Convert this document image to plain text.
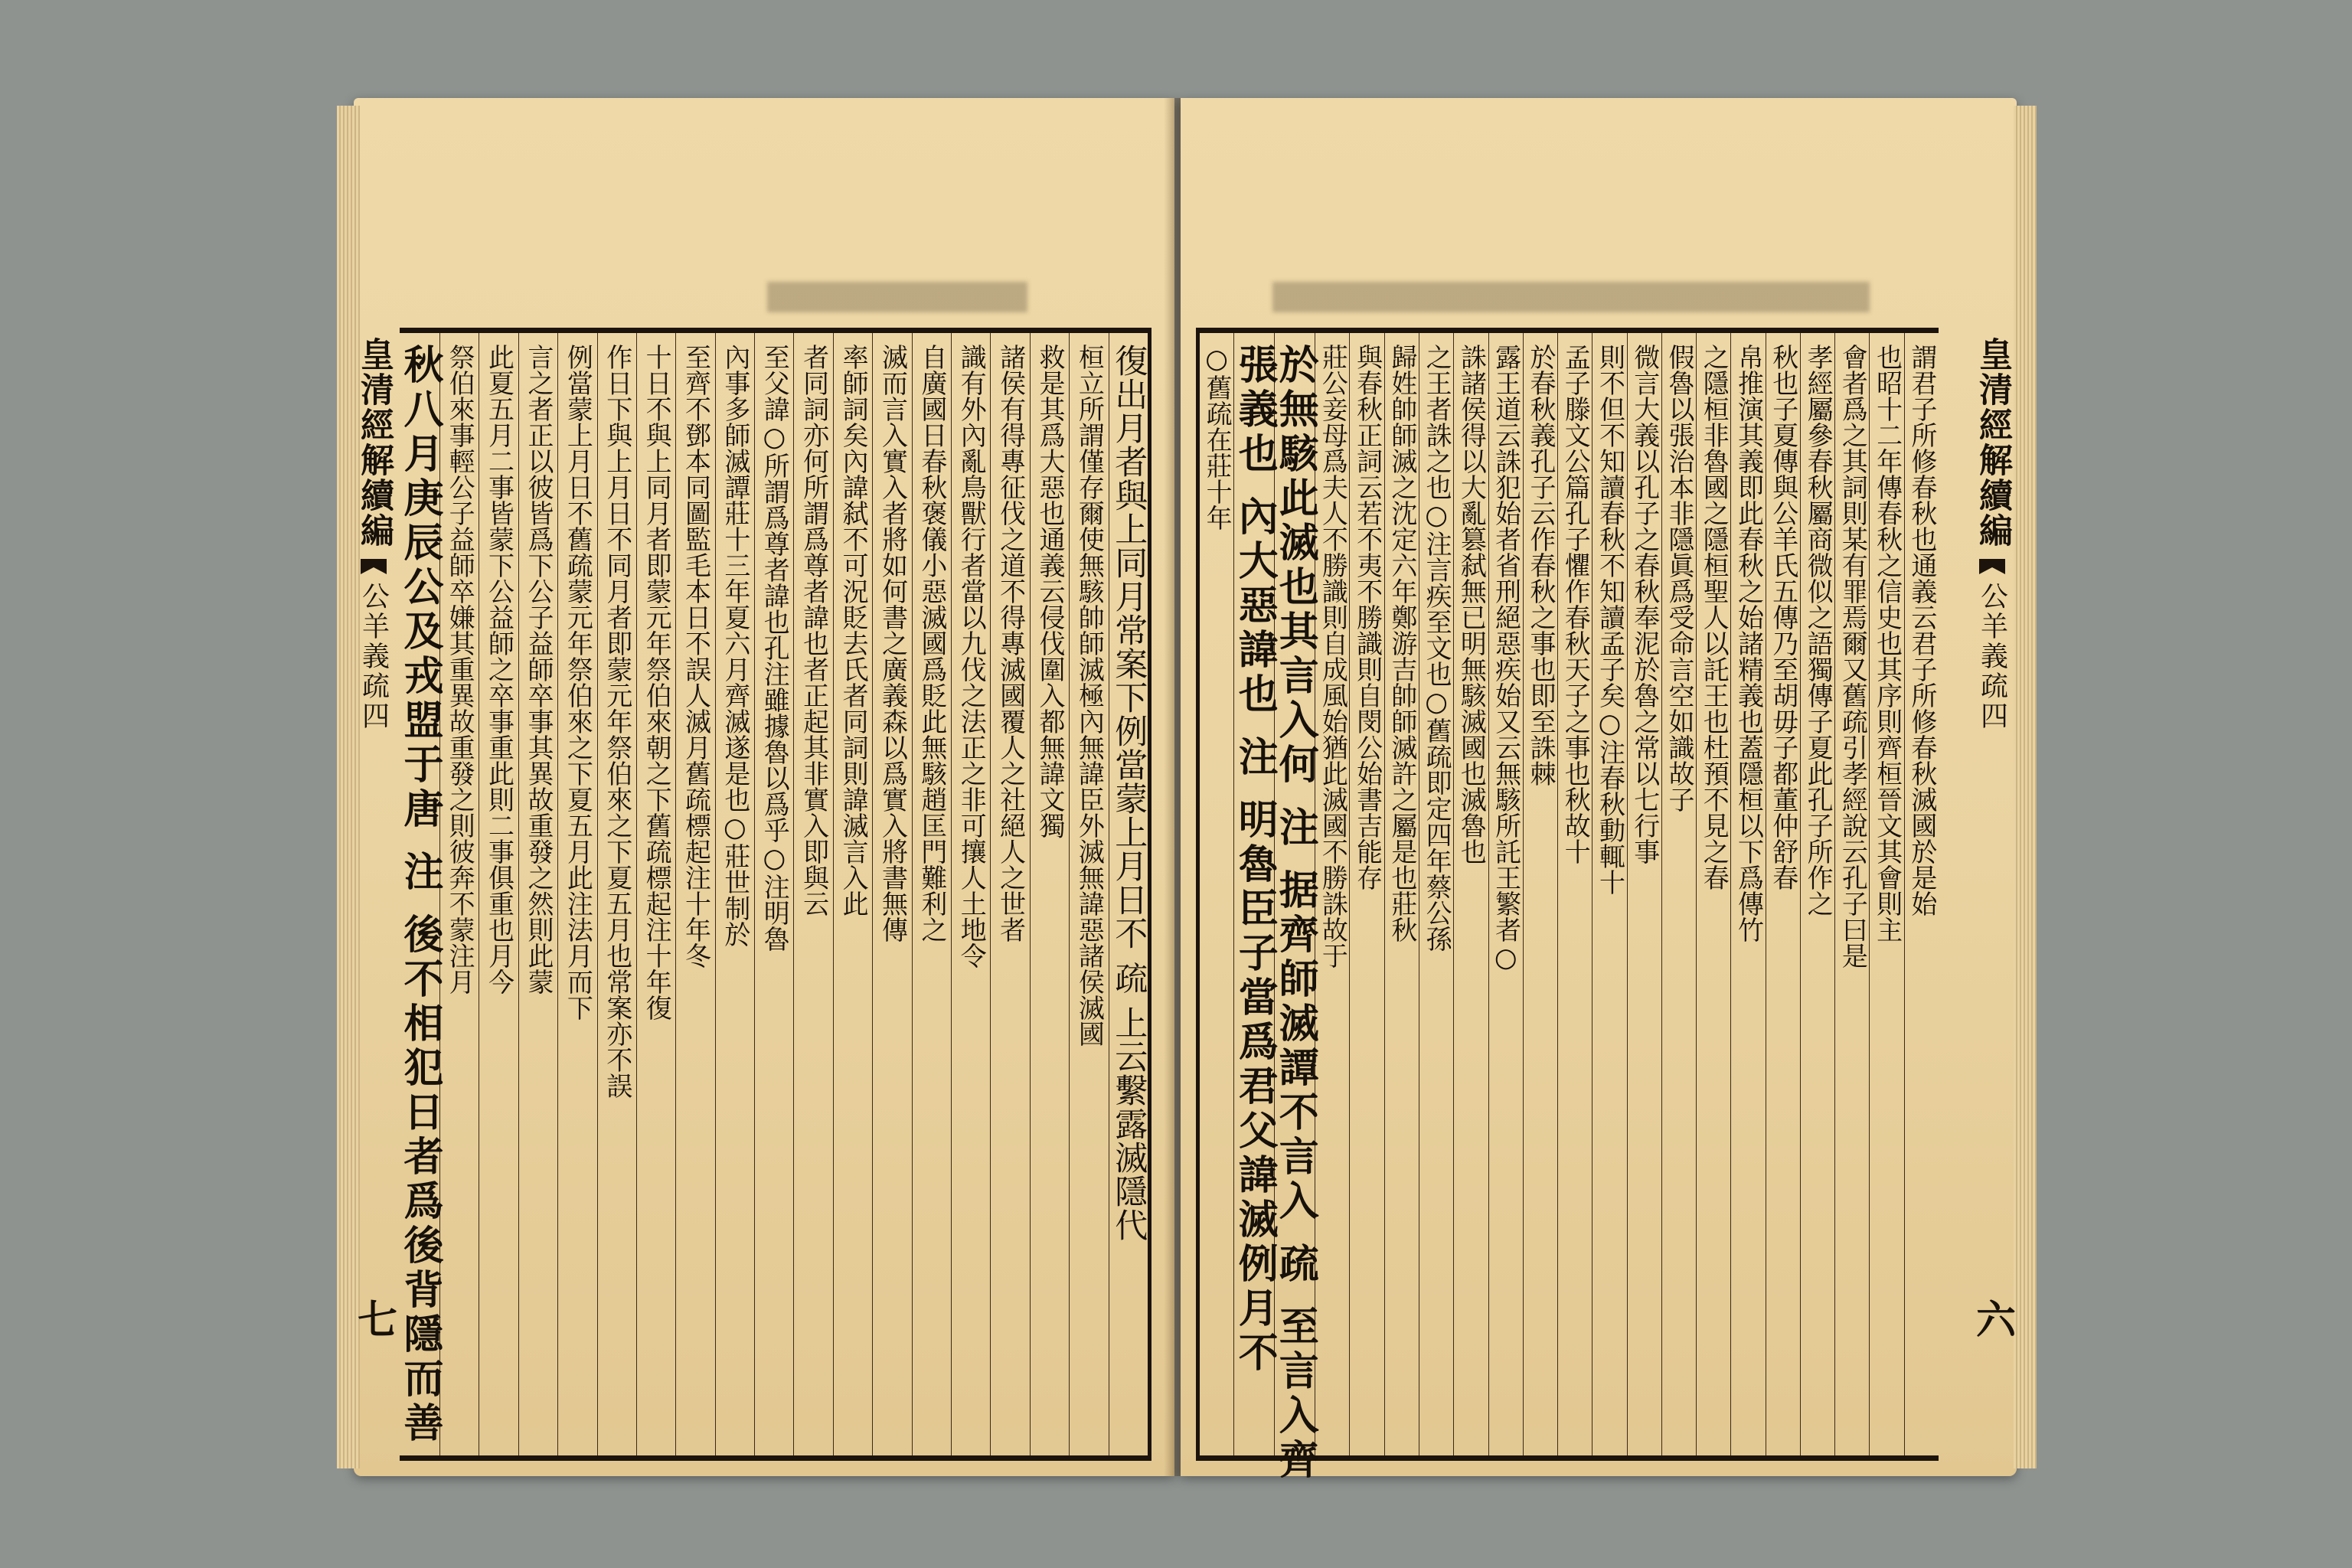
皇清經解續編
公羊義疏四
七
復出月者與上同月常案下例當蒙上月日不 疏 上云繫露滅隱代
桓立所謂僅存爾使無駭帥師滅極內無諱臣外滅無諱惡諸侯滅國
救是其爲大惡也通義云侵伐圍入都無諱文獨
諸侯有得專征伐之道不得專滅國覆人之社絕人之世者
識有外內亂鳥獸行者當以九伐之法正之非可攘人土地令
自廣國日春秋褒儀小惡滅國爲貶此無駭趙匡門難利之
滅而言入實入者將如何書之廣義森以爲實入將書無傳
率師詞矣內諱弑不可況貶去氏者同詞則諱滅言入此
者同詞亦何所謂爲尊者諱也者正起其非實入即與云
至父諱○所謂爲尊者諱也孔注雖據魯以爲乎○注明魯
內事多師滅譚莊十三年夏六月齊滅遂是也○莊世制於
至齊不鄧本同圖監毛本日不誤人滅月舊疏標起注十年冬
十日不與上同月者即蒙元年祭伯來朝之下舊疏標起注十年復
作日下與上月日不同月者即蒙元年祭伯來之下夏五月也常案亦不誤
例當蒙上月日不舊疏蒙元年祭伯來之下夏五月此注法月而下
言之者正以彼皆爲下公子益師卒事其異故重發之然則此蒙
此夏五月二事皆蒙下公益師之卒事重此則二事俱重也月今
祭伯來事輕公子益師卒嫌其重異故重發之則彼奔不蒙注月
秋八月庚辰公及戎盟于唐 注 後不相犯日者爲後背隱而善	謂君子所修春秋也通義云君子所修春秋滅國於是始
也昭十二年傳春秋之信史也其序則齊桓晉文其會則主
會者爲之其詞則某有罪焉爾又舊疏引孝經說云孔子曰是
孝經屬參春秋屬商微似之語獨傳子夏此孔子所作之
秋也子夏傳與公羊氏五傳乃至胡毋子都董仲舒春
帛推演其義即此春秋之始諸精義也蓋隱桓以下爲傳竹
之隱桓非魯國之隱桓聖人以託王也杜預不見之春
假魯以張治本非隱眞爲受命言空如識故子
微言大義以孔子之春秋奉泥於魯之常以七行事
則不但不知讀春秋不知讀孟子矣○注春秋動輒十
孟子滕文公篇孔子懼作春秋天子之事也秋故十
於春秋義孔子云作春秋之事也即至誅棘
露王道云誅犯始者省刑絕惡疾始又云無駭所託王繁者○
誅諸侯得以大亂篡弑無已明無駭滅國也滅魯也
之王者誅之也○注言疾至文也○舊疏即定四年蔡公孫
歸姓帥師滅之沈定六年鄭游吉帥師滅許之屬是也莊秋
與春秋正詞云若不夷不勝識則自閔公始書吉能存
莊公妾母爲夫人不勝識則自成風始猶此滅國不勝誅故于
於無駭此滅也其言入何 注 据齊師滅譚不言入 疏 至言入齊
張義也 內大惡諱也 注 明魯臣子當爲君父諱滅例月不
○舊疏在莊十年	皇清經解續編
公羊義疏四
六
